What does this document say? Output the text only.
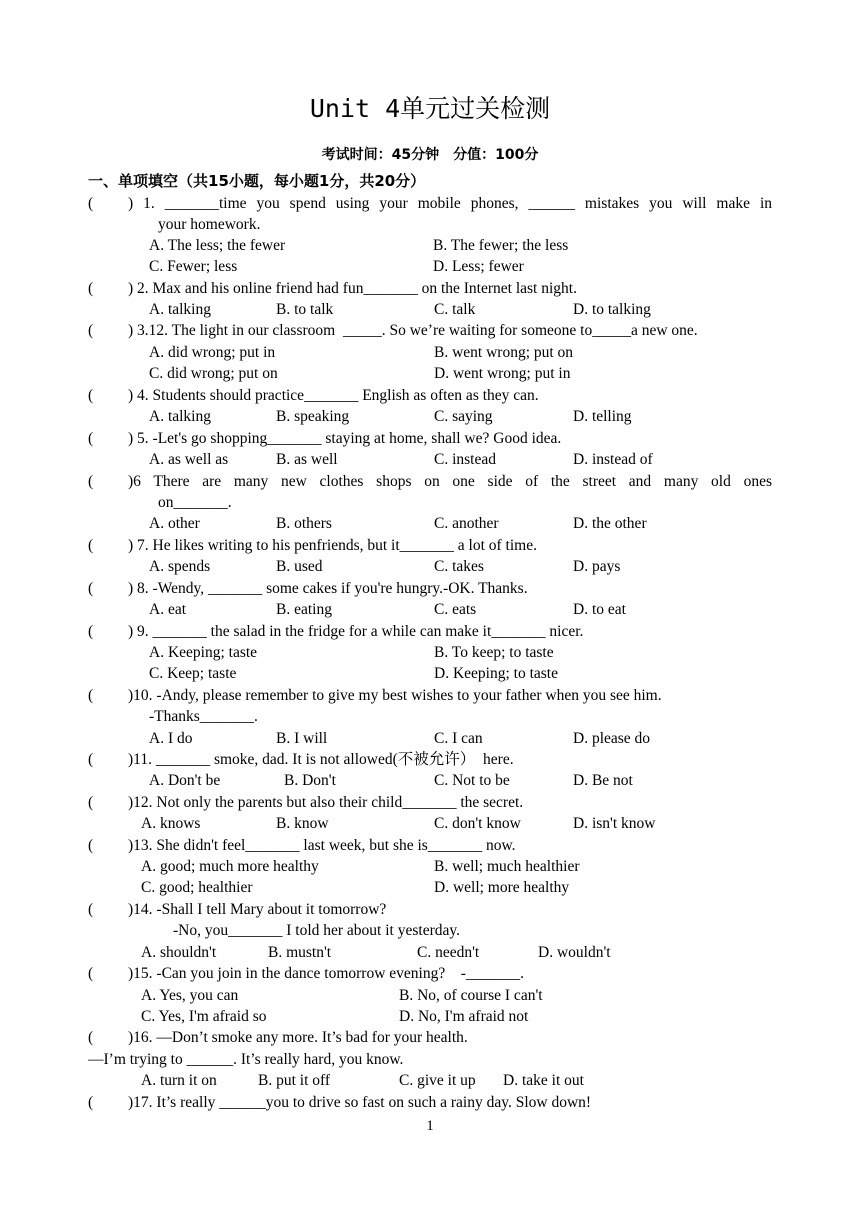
Unit 4单元过关检测
考试时间：45分钟　分值：100分
一、单项填空（共15小题，每小题1分，共20分）
(	) 1. _______time you spend using your mobile phones, ______ mistakes you will make in
your homework.
A. The less; the fewer	B. The fewer; the less
C. Fewer; less	D. Less; fewer
(	) 2. Max and his online friend had fun_______ on the Internet last night.
A. talking	B. to talk	C. talk	D. to talking
(	) 3.12. The light in our classroom  _____. So we’re waiting for someone to_____a new one.
A. did wrong; put in	B. went wrong; put on
C. did wrong; put on	D. went wrong; put in
(	) 4. Students should practice_______ English as often as they can.
A. talking	B. speaking	C. saying	D. telling
(	) 5. -Let's go shopping_______ staying at home, shall we? Good idea.
A. as well as	B. as well	C. instead	D. instead of
(	)6 There are many new clothes shops on one side of the street and many old ones
on_______.
A. other	B. others	C. another	D. the other
(	) 7. He likes writing to his penfriends, but it_______ a lot of time.
A. spends	B. used	C. takes	D. pays
(	) 8. -Wendy, _______ some cakes if you're hungry.-OK. Thanks.
A. eat	B. eating	C. eats	D. to eat
(	) 9. _______ the salad in the fridge for a while can make it_______ nicer.
A. Keeping; taste	B. To keep; to taste
C. Keep; taste	D. Keeping; to taste
(	)10. -Andy, please remember to give my best wishes to your father when you see him.
-Thanks_______.
A. I do	B. I will	C. I can	D. please do
(	)11. _______ smoke, dad. It is not allowed(不被允许）  here.
A. Don't be	B. Don't	C. Not to be	D. Be not
(	)12. Not only the parents but also their child_______ the secret.
A. knows	B. know	C. don't know	D. isn't know
(	)13. She didn't feel_______ last week, but she is_______ now.
A. good; much more healthy	B. well; much healthier
C. good; healthier	D. well; more healthy
(	)14. -Shall I tell Mary about it tomorrow?
-No, you_______ I told her about it yesterday.
A. shouldn't	B. mustn't	C. needn't	D. wouldn't
(	)15. -Can you join in the dance tomorrow evening?    -_______.
A. Yes, you can	B. No, of course I can't
C. Yes, I'm afraid so	D. No, I'm afraid not
(	)16. —Don’t smoke any more. It’s bad for your health.
—I’m trying to ______. It’s really hard, you know.
A. turn it on	B. put it off	C. give it up D. take it out
(	)17. It’s really ______you to drive so fast on such a rainy day. Slow down!
1
